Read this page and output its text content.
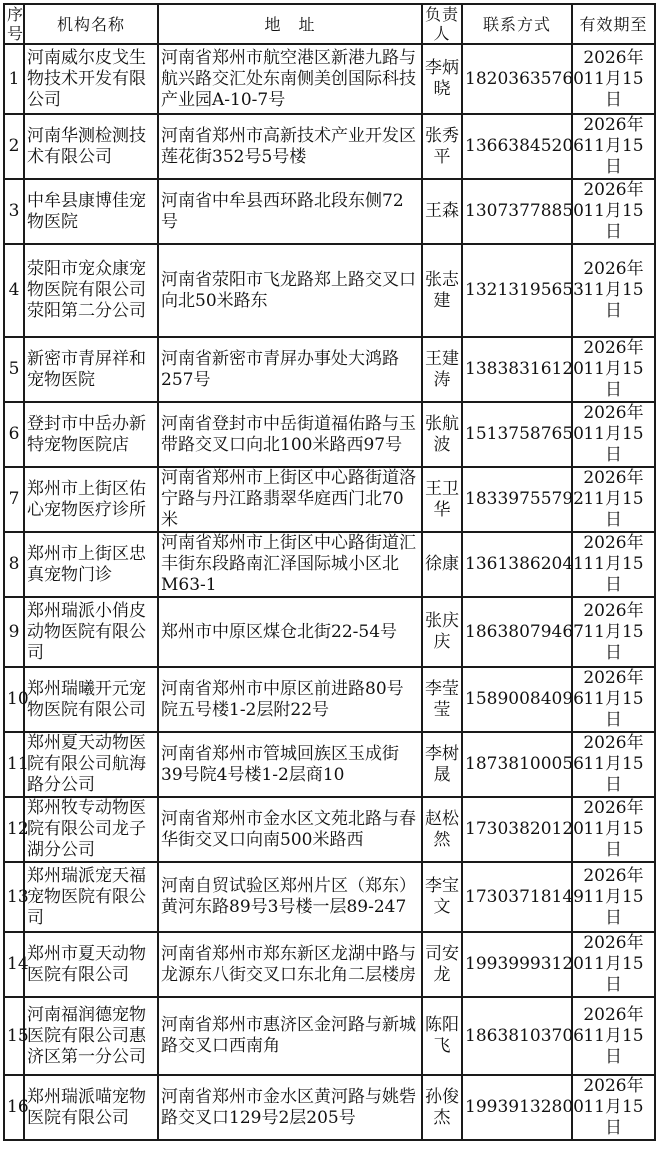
序号	机构名称	地　址	负责人	联系方式	有效期至
1	河南威尔皮戈生物技术开发有限公司	河南省郑州市航空港区新港九路与航兴路交汇处东南侧美创国际科技产业园A-10-7号	李炳晓	18203635760	2026年11月15日
2	河南华测检测技术有限公司	河南省郑州市高新技术产业开发区莲花街352号5号楼	张秀平	13663845206	2026年11月15日
3	中牟县康博佳宠物医院	河南省中牟县西环路北段东侧72号	王森	13073778850	2026年11月15日
4	荥阳市宠众康宠物医院有限公司荥阳第二分公司	河南省荥阳市飞龙路郑上路交叉口向北50米路东	张志建	13213195653	2026年11月15日
5	新密市青屏祥和宠物医院	河南省新密市青屏办事处大鸿路257号	王建涛	13838316120	2026年11月15日
6	登封市中岳办新特宠物医院店	河南省登封市中岳街道福佑路与玉带路交叉口向北100米路西97号	张航波	15137587650	2026年11月15日
7	郑州市上街区佑心宠物医疗诊所	河南省郑州市上街区中心路街道洛宁路与丹江路翡翠华庭西门北70米	王卫华	18339755792	2026年11月15日
8	郑州市上街区忠真宠物门诊	河南省郑州市上街区中心路街道汇丰街东段路南汇泽国际城小区北M63-1	徐康	13613862041	2026年11月15日
9	郑州瑞派小俏皮动物医院有限公司	郑州市中原区煤仓北街22-54号	张庆庆	18638079467	2026年11月15日
10	郑州瑞曦开元宠物医院有限公司	河南省郑州市中原区前进路80号院五号楼1-2层附22号	李莹莹	15890084096	2026年11月15日
11	郑州夏天动物医院有限公司航海路分公司	河南省郑州市管城回族区玉成街39号院4号楼1-2层商10	李树晟	18738100056	2026年11月15日
12	郑州牧专动物医院有限公司龙子湖分公司	河南省郑州市金水区文苑北路与春华街交叉口向南500米路西	赵松然	17303820120	2026年11月15日
13	郑州瑞派宠天福宠物医院有限公司	河南自贸试验区郑州片区（郑东）黄河东路89号3号楼一层89-247	李宝文	17303718149	2026年11月15日
14	郑州市夏天动物医院有限公司	河南省郑州市郑东新区龙湖中路与龙源东八街交叉口东北角二层楼房	司安龙	19939993120	2026年11月15日
15	河南福润德宠物医院有限公司惠济区第一分公司	河南省郑州市惠济区金河路与新城路交叉口西南角	陈阳飞	18638103706	2026年11月15日
16	郑州瑞派喵宠物医院有限公司	河南省郑州市金水区黄河路与姚砦路交叉口129号2层205号	孙俊杰	19939132800	2026年11月15日
